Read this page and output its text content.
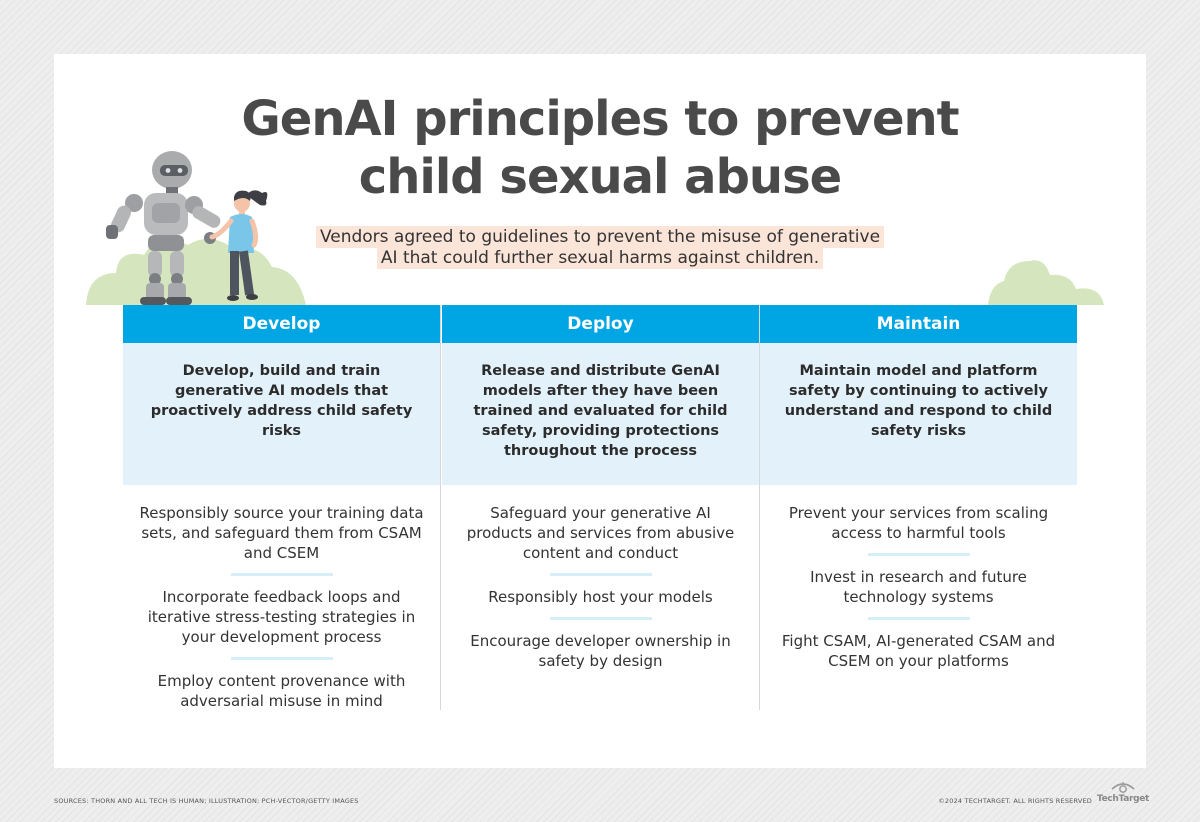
GenAI principles to prevent
child sexual abuse
Vendors agreed to guidelines to prevent the misuse of generative
AI that could further sexual harms against children.
Develop
Develop, build and train generative AI models that proactively address child safety risks
Responsibly source your training data sets, and safeguard them from CSAM and CSEM
Incorporate feedback loops and iterative stress-testing strategies in your development process
Employ content provenance with adversarial misuse in mind
Deploy
Release and distribute GenAI models after they have been trained and evaluated for child safety, providing protections throughout the process
Safeguard your generative AI products and services from abusive content and conduct
Responsibly host your models
Encourage developer ownership in safety by design
Maintain
Maintain model and platform safety by continuing to actively understand and respond to child safety risks
Prevent your services from scaling access to harmful tools
Invest in research and future technology systems
Fight CSAM, AI-generated CSAM and CSEM on your platforms
SOURCES: THORN AND ALL TECH IS HUMAN; ILLUSTRATION: PCH-VECTOR/GETTY IMAGES	©2024 TECHTARGET. ALL RIGHTS RESERVED TechTarget
